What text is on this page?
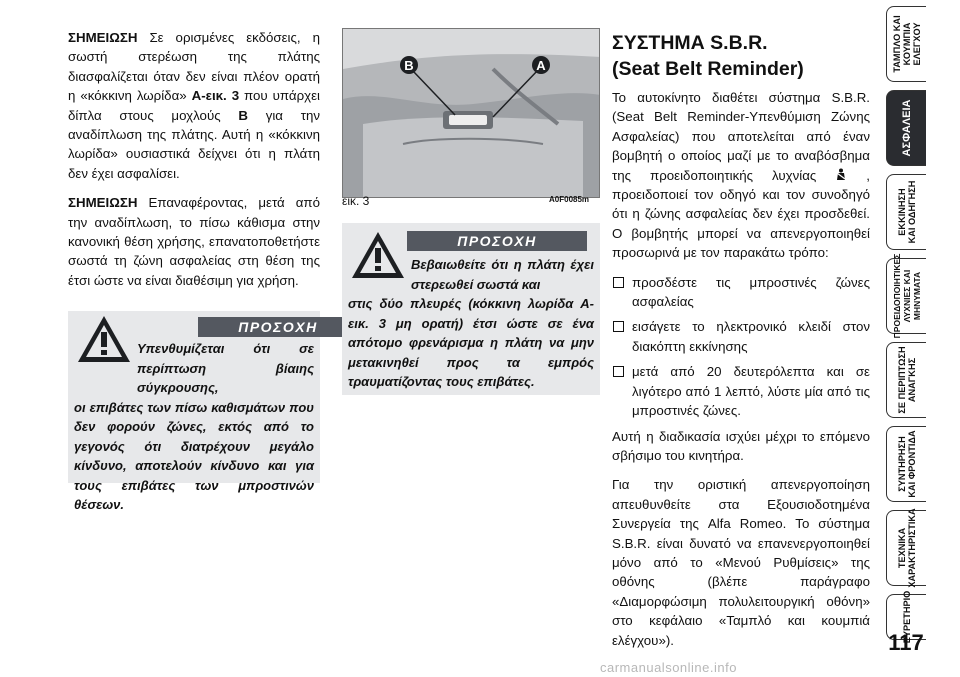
ΣΗΜΕΙΩΣΗ Σε ορισμένες εκδόσεις, η σωστή στερέωση της πλάτης διασφαλίζεται όταν δεν είναι πλέον ορατή η «κόκκινη λωρίδα» A-εικ. 3 που υπάρχει δίπλα στους μοχλούς B για την αναδίπλωση της πλάτης. Αυτή η «κόκκινη λωρίδα» ουσιαστικά δείχνει ότι η πλάτη δεν έχει ασφαλίσει.

ΣΗΜΕΙΩΣΗ Επαναφέροντας, μετά από την αναδίπλωση, το πίσω κάθισμα στην κανονική θέση χρήσης, επανατοποθετήστε σωστά τη ζώνη ασφαλείας στη θέση της έτσι ώστε να είναι διαθέσιμη για χρήση.

ΠΡΟΣΟΧΗ
Υπενθυμίζεται ότι σε περίπτωση βίαιης σύγκρουσης,
οι επιβάτες των πίσω καθισμάτων που δεν φορούν ζώνες, εκτός από το γεγονός ότι διατρέχουν μεγάλο κίνδυνο, αποτελούν κίνδυνο και για τους επιβάτες των μπροστινών θέσεων.
B	A
εικ. 3	A0F0085m
ΠΡΟΣΟΧΗ
Βεβαιωθείτε ότι η πλάτη έχει στερεωθεί σωστά και
στις δύο πλευρές (κόκκινη λωρίδα A-εικ. 3 μη ορατή) έτσι ώστε σε ένα απότομο φρενάρισμα η πλάτη να μην μετακινηθεί προς τα εμπρός τραυματίζοντας τους επιβάτες.
ΣΥΣΤΗΜΑ S.B.R.
(Seat Belt Reminder)

Το αυτοκίνητο διαθέτει σύστημα S.B.R. (Seat Belt Reminder-Υπενθύμιση Ζώνης Ασφαλείας) που αποτελείται από έναν βομβητή ο οποίος μαζί με το αναβόσβημα της προειδοποιητικής λυχνίας	, προειδοποιεί τον οδηγό και τον συνοδηγό ότι η ζώνης ασφαλείας δεν έχει προσδεθεί. Ο βομβητής μπορεί να απενεργοποιηθεί προσωρινά με τον παρακάτω τρόπο:

προσδέστε τις μπροστινές ζώνες ασφαλείας
εισάγετε το ηλεκτρονικό κλειδί στον διακόπτη εκκίνησης
μετά από 20 δευτερόλεπτα και σε λιγότερο από 1 λεπτό, λύστε μία από τις μπροστινές ζώνες.

Αυτή η διαδικασία ισχύει μέχρι το επόμενο σβήσιμο του κινητήρα.

Για την οριστική απενεργοποίηση απευθυνθείτε στα Εξουσιοδοτημένα Συνεργεία της Alfa Romeo. Το σύστημα S.B.R. είναι δυνατό να επανενεργοποιηθεί μόνο από το «Μενού Ρυθμίσεις» της οθόνης (βλέπε παράγραφο «Διαμορφώσιμη πολυλειτουργική οθόνη» στο κεφάλαιο «Ταμπλό και κουμπιά ελέγχου»).

ΤΑΜΠΛΟ ΚΑΙ ΚΟΥΜΠΙΑ ΕΛΕΓΧΟΥ
ΑΣΦΑΛΕΙΑ
ΕΚΚΙΝΗΣΗ ΚΑΙ ΟΔΗΓΗΣΗ
ΠΡΟΕΙΔΟΠΟΙΗΤΙΚΕΣ ΛΥΧΝΙΕΣ ΚΑΙ ΜΗΝΥΜΑΤΑ
ΣΕ ΠΕΡΙΠΤΩΣΗ ΑΝΑΓΚΗΣ
ΣΥΝΤΗΡΗΣΗ ΚΑΙ ΦΡΟΝΤΙΔΑ
ΤΕΧΝΙΚΑ ΧΑΡΑΚΤΗΡΙΣΤΙΚΑ
ΕΥΡΕΤΗΡΙΟ
117
carmanualsonline.info
